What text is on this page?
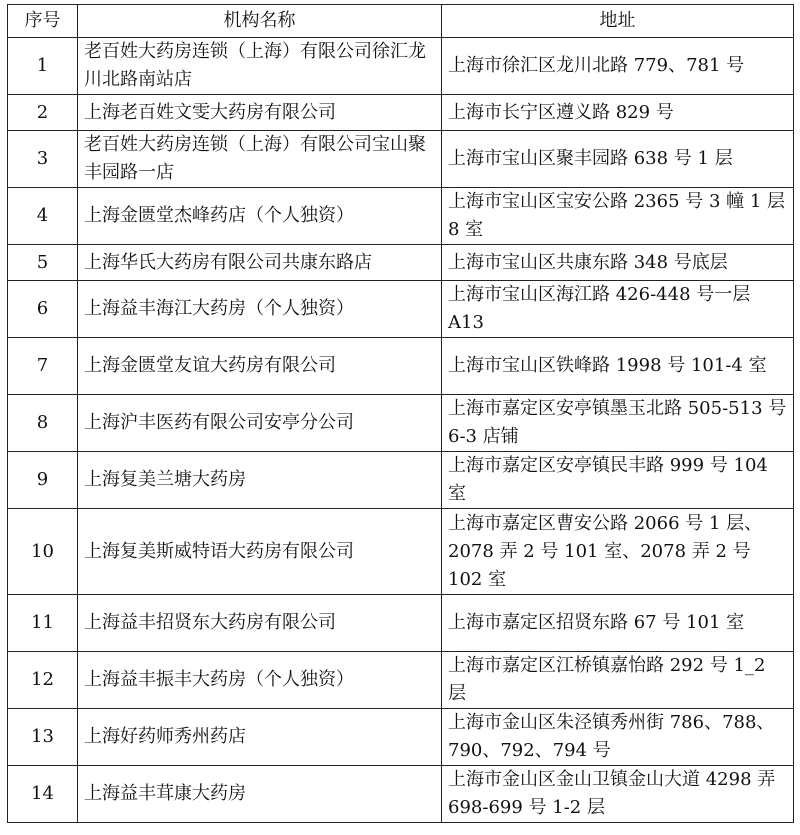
序号	机构名称	地址
1	老百姓大药房连锁（上海）有限公司徐汇龙川北路南站店	上海市徐汇区龙川北路 779、781 号
2	上海老百姓文雯大药房有限公司	上海市长宁区遵义路 829 号
3	老百姓大药房连锁（上海）有限公司宝山聚丰园路一店	上海市宝山区聚丰园路 638 号 1 层
4	上海金匮堂杰峰药店（个人独资）	上海市宝山区宝安公路 2365 号 3 幢 1 层 8 室
5	上海华氏大药房有限公司共康东路店	上海市宝山区共康东路 348 号底层
6	上海益丰海江大药房（个人独资）	上海市宝山区海江路 426-448 号一层 A13
7	上海金匮堂友谊大药房有限公司	上海市宝山区铁峰路 1998 号 101-4 室
8	上海沪丰医药有限公司安亭分公司	上海市嘉定区安亭镇墨玉北路 505-513 号 6-3 店铺
9	上海复美兰塘大药房	上海市嘉定区安亭镇民丰路 999 号 104 室
10	上海复美斯威特语大药房有限公司	上海市嘉定区曹安公路 2066 号 1 层、2078 弄 2 号 101 室、2078 弄 2 号 102 室
11	上海益丰招贤东大药房有限公司	上海市嘉定区招贤东路 67 号 101 室
12	上海益丰振丰大药房（个人独资）	上海市嘉定区江桥镇嘉怡路 292 号 1_2 层
13	上海好药师秀州药店	上海市金山区朱泾镇秀州街 786、788、790、792、794 号
14	上海益丰茸康大药房	上海市金山区金山卫镇金山大道 4298 弄 698-699 号 1-2 层
